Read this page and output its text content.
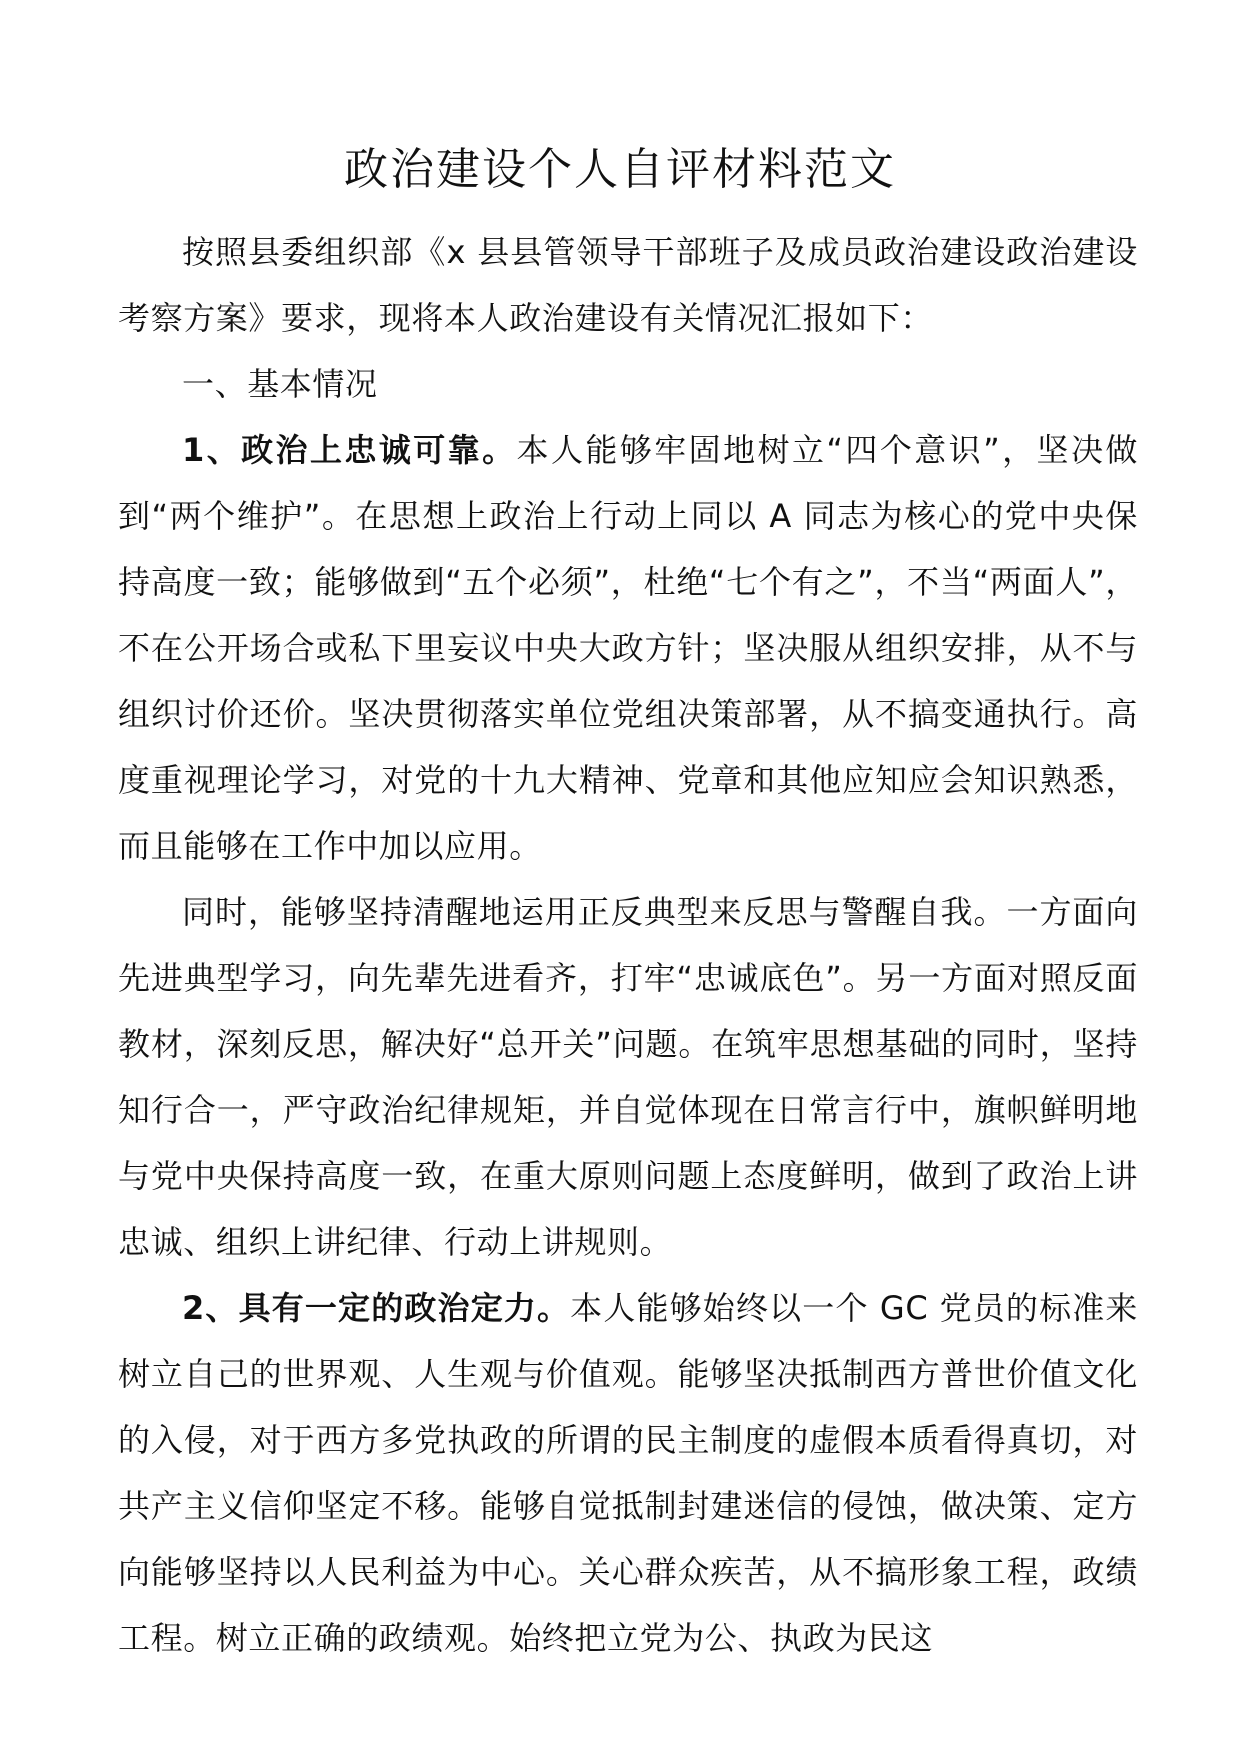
政治建设个人自评材料范文

按照县委组织部《x 县县管领导干部班子及成员政治建设政治建设考察方案》要求，现将本人政治建设有关情况汇报如下：

一、基本情况

1、政治上忠诚可靠。本人能够牢固地树立“四个意识”，坚决做到“两个维护”。在思想上政治上行动上同以 A 同志为核心的党中央保持高度一致；能够做到“五个必须”，杜绝“七个有之”，不当“两面人”，不在公开场合或私下里妄议中央大政方针；坚决服从组织安排，从不与组织讨价还价。坚决贯彻落实单位党组决策部署，从不搞变通执行。高度重视理论学习，对党的十九大精神、党章和其他应知应会知识熟悉，而且能够在工作中加以应用。

同时，能够坚持清醒地运用正反典型来反思与警醒自我。一方面向先进典型学习，向先辈先进看齐，打牢“忠诚底色”。另一方面对照反面教材，深刻反思，解决好“总开关”问题。在筑牢思想基础的同时，坚持知行合一，严守政治纪律规矩，并自觉体现在日常言行中，旗帜鲜明地与党中央保持高度一致，在重大原则问题上态度鲜明，做到了政治上讲忠诚、组织上讲纪律、行动上讲规则。

2、具有一定的政治定力。本人能够始终以一个 GC 党员的标准来树立自己的世界观、人生观与价值观。能够坚决抵制西方普世价值文化的入侵，对于西方多党执政的所谓的民主制度的虚假本质看得真切，对共产主义信仰坚定不移。能够自觉抵制封建迷信的侵蚀，做决策、定方向能够坚持以人民利益为中心。关心群众疾苦，从不搞形象工程，政绩工程。树立正确的政绩观。始终把立党为公、执政为民这
